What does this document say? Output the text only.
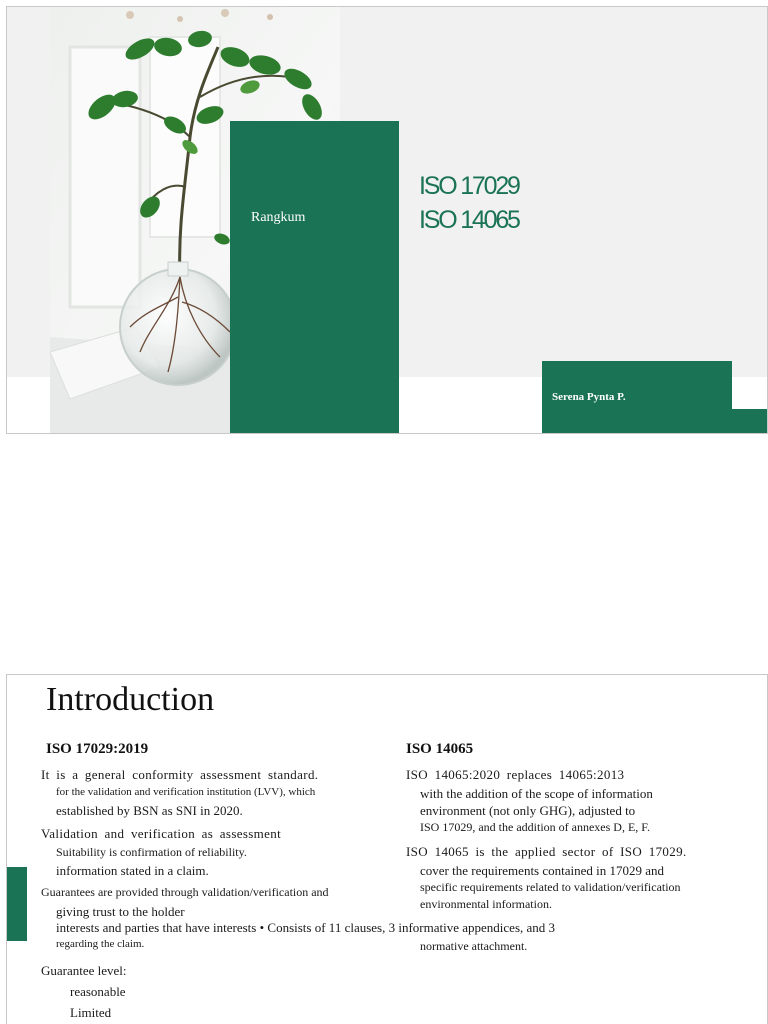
Rangkum
ISO 17029
ISO 14065
Serena Pynta P.
Introduction
ISO 17029:2019
It is a general conformity assessment standard.
for the validation and verification institution (LVV), which
established by BSN as SNI in 2020.
Validation and verification as assessment
Suitability is confirmation of reliability.
information stated in a claim.
Guarantees are provided through validation/verification and
giving trust to the holder
interests and parties that have interests • Consists of 11 clauses, 3 informative appendices, and 3
regarding the claim.
Guarantee level:
reasonable
Limited
ISO 14065
ISO 14065:2020 replaces 14065:2013
with the addition of the scope of information
environment (not only GHG), adjusted to
ISO 17029, and the addition of annexes D, E, F.
ISO 14065 is the applied sector of ISO 17029.
cover the requirements contained in 17029 and
specific requirements related to validation/verification
environmental information.
normative attachment.
